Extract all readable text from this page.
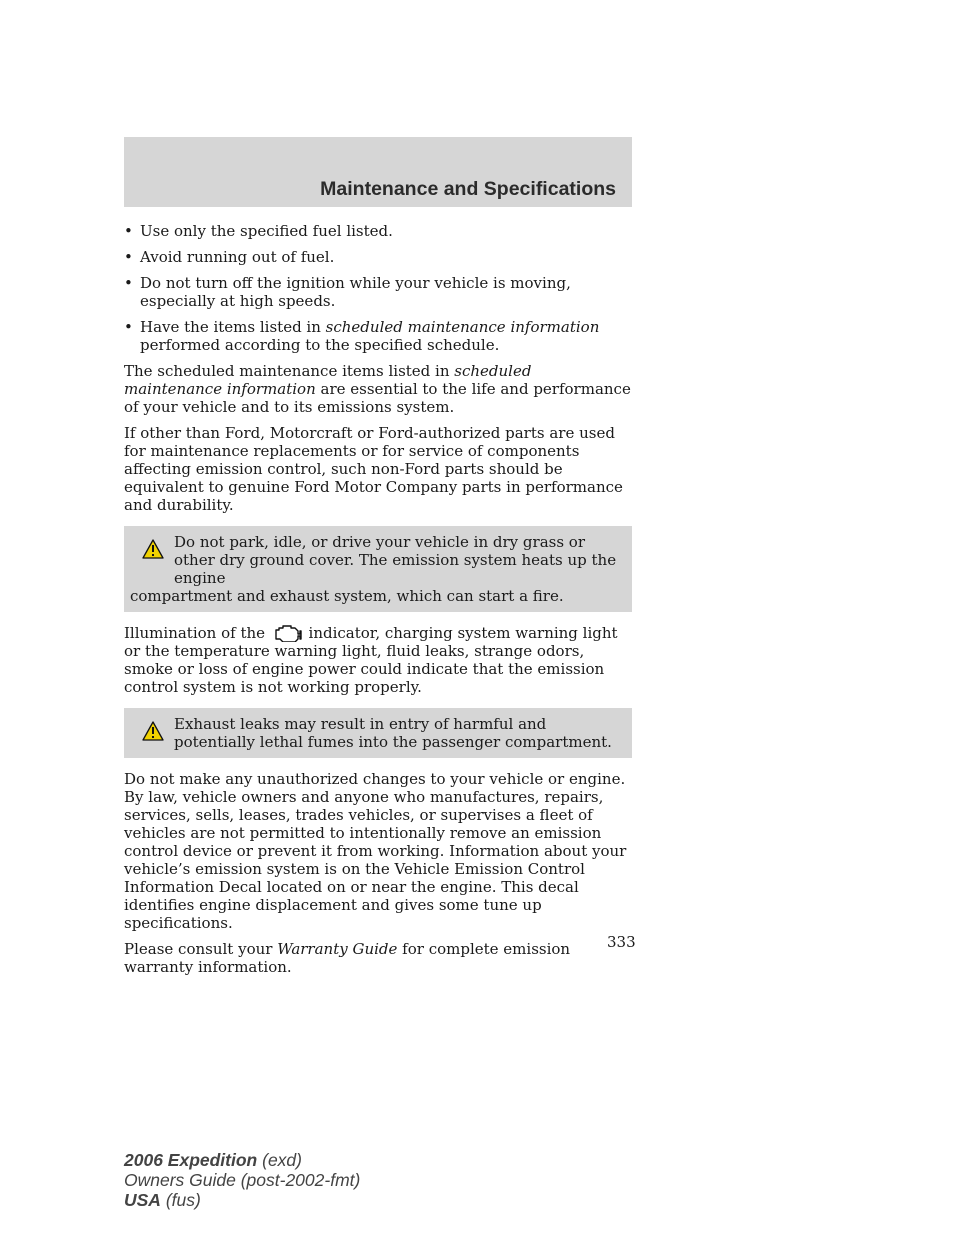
Maintenance and Specifications
• Use only the specified fuel listed.
• Avoid running out of fuel.
• Do not turn off the ignition while your vehicle is moving, especially at high speeds.
• Have the items listed in scheduled maintenance information performed according to the specified schedule.

The scheduled maintenance items listed in scheduled maintenance information are essential to the life and performance of your vehicle and to its emissions system.

If other than Ford, Motorcraft or Ford-authorized parts are used for maintenance replacements or for service of components affecting emission control, such non-Ford parts should be equivalent to genuine Ford Motor Company parts in performance and durability.

Do not park, idle, or drive your vehicle in dry grass or other dry ground cover. The emission system heats up the engine
compartment and exhaust system, which can start a fire.

Illumination of the  indicator, charging system warning light or the temperature warning light, fluid leaks, strange odors, smoke or loss of engine power could indicate that the emission control system is not working properly.

Exhaust leaks may result in entry of harmful and potentially lethal fumes into the passenger compartment.

Do not make any unauthorized changes to your vehicle or engine. By law, vehicle owners and anyone who manufactures, repairs, services, sells, leases, trades vehicles, or supervises a fleet of vehicles are not permitted to intentionally remove an emission control device or prevent it from working. Information about your vehicle’s emission system is on the Vehicle Emission Control Information Decal located on or near the engine. This decal identifies engine displacement and gives some tune up specifications.

Please consult your Warranty Guide for complete emission warranty information.

333
2006 Expedition (exd)
Owners Guide (post-2002-fmt)
USA (fus)
